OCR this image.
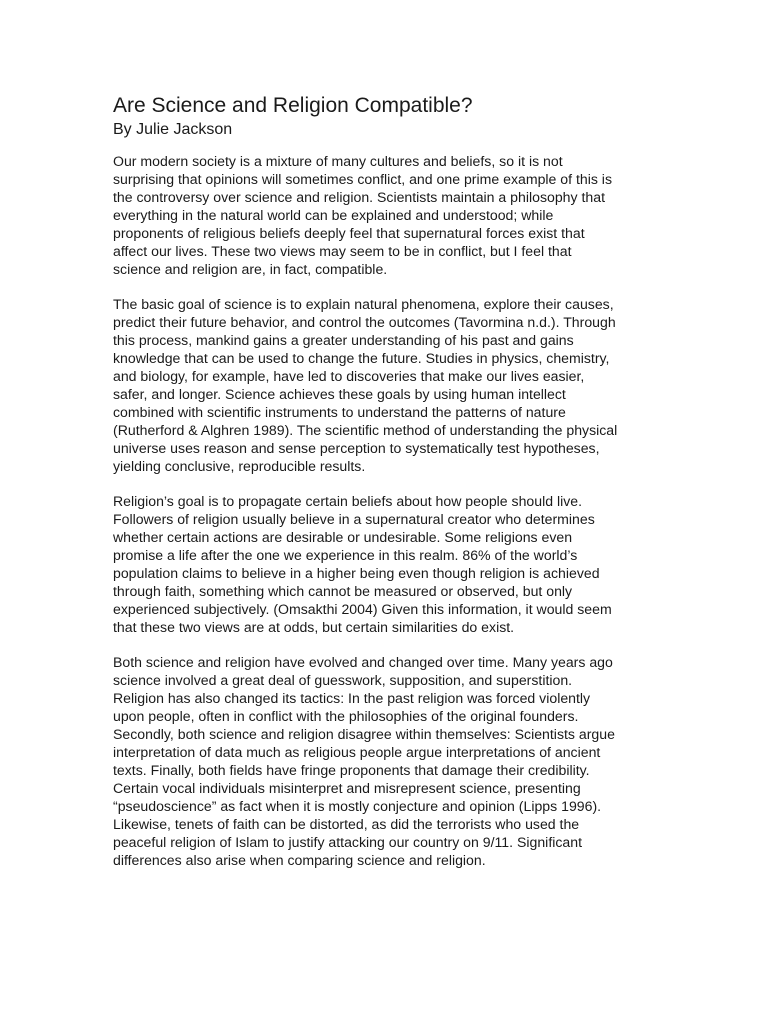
Are Science and Religion Compatible?
By Julie Jackson

Our modern society is a mixture of many cultures and beliefs, so it is not
surprising that opinions will sometimes conflict, and one prime example of this is
the controversy over science and religion. Scientists maintain a philosophy that
everything in the natural world can be explained and understood; while
proponents of religious beliefs deeply feel that supernatural forces exist that
affect our lives. These two views may seem to be in conflict, but I feel that
science and religion are, in fact, compatible.

The basic goal of science is to explain natural phenomena, explore their causes,
predict their future behavior, and control the outcomes (Tavormina n.d.). Through
this process, mankind gains a greater understanding of his past and gains
knowledge that can be used to change the future. Studies in physics, chemistry,
and biology, for example, have led to discoveries that make our lives easier,
safer, and longer. Science achieves these goals by using human intellect
combined with scientific instruments to understand the patterns of nature
(Rutherford & Alghren 1989). The scientific method of understanding the physical
universe uses reason and sense perception to systematically test hypotheses,
yielding conclusive, reproducible results.

Religion’s goal is to propagate certain beliefs about how people should live.
Followers of religion usually believe in a supernatural creator who determines
whether certain actions are desirable or undesirable. Some religions even
promise a life after the one we experience in this realm. 86% of the world’s
population claims to believe in a higher being even though religion is achieved
through faith, something which cannot be measured or observed, but only
experienced subjectively. (Omsakthi 2004) Given this information, it would seem
that these two views are at odds, but certain similarities do exist.

Both science and religion have evolved and changed over time. Many years ago
science involved a great deal of guesswork, supposition, and superstition.
Religion has also changed its tactics: In the past religion was forced violently
upon people, often in conflict with the philosophies of the original founders.
Secondly, both science and religion disagree within themselves: Scientists argue
interpretation of data much as religious people argue interpretations of ancient
texts. Finally, both fields have fringe proponents that damage their credibility.
Certain vocal individuals misinterpret and misrepresent science, presenting
“pseudoscience” as fact when it is mostly conjecture and opinion (Lipps 1996).
Likewise, tenets of faith can be distorted, as did the terrorists who used the
peaceful religion of Islam to justify attacking our country on 9/11. Significant
differences also arise when comparing science and religion.
